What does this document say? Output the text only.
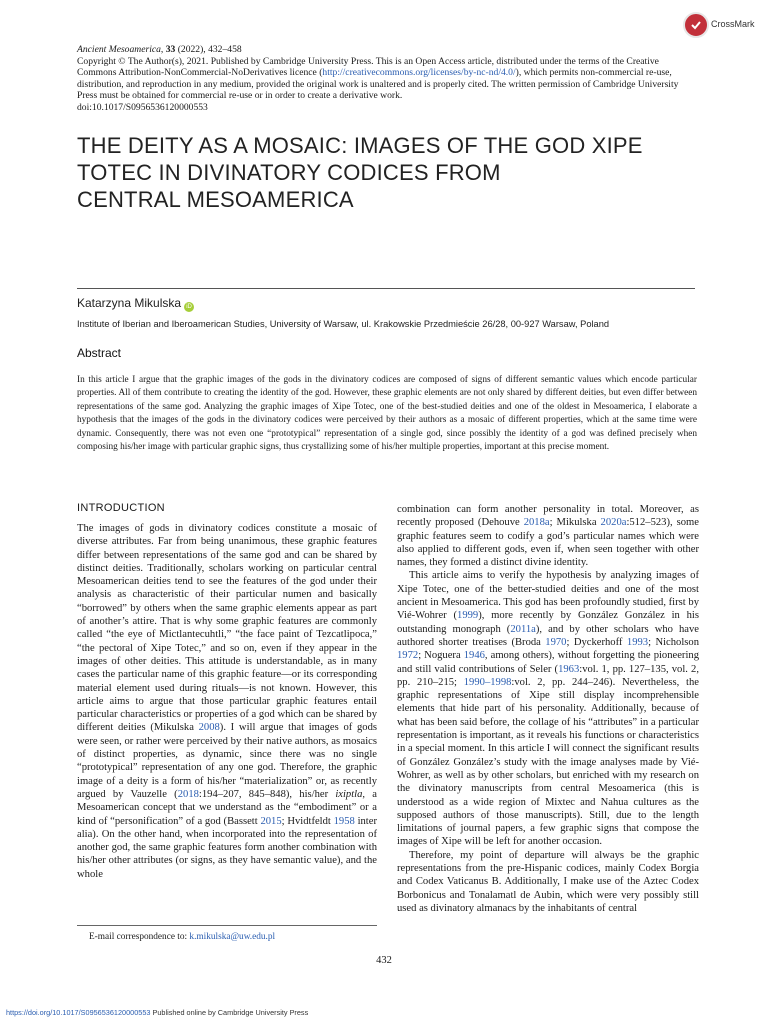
CrossMark
Ancient Mesoamerica, 33 (2022), 432–458
Copyright © The Author(s), 2021. Published by Cambridge University Press. This is an Open Access article, distributed under the terms of the Creative
Commons Attribution-NonCommercial-NoDerivatives licence (http://creativecommons.org/licenses/by-nc-nd/4.0/), which permits non-commercial re-use,
distribution, and reproduction in any medium, provided the original work is unaltered and is properly cited. The written permission of Cambridge University
Press must be obtained for commercial re-use or in order to create a derivative work.
doi:10.1017/S0956536120000553
THE DEITY AS A MOSAIC: IMAGES OF THE GOD XIPE
TOTEC IN DIVINATORY CODICES FROM
CENTRAL MESOAMERICA
Katarzyna Mikulska iD
Institute of Iberian and Iberoamerican Studies, University of Warsaw, ul. Krakowskie Przedmieście 26/28, 00-927 Warsaw, Poland
Abstract
In this article I argue that the graphic images of the gods in the divinatory codices are composed of signs of different semantic values which encode particular properties. All of them contribute to creating the identity of the god. However, these graphic elements are not only shared by different deities, but even differ between representations of the same god. Analyzing the graphic images of Xipe Totec, one of the best-studied deities and one of the oldest in Mesoamerica, I elaborate a hypothesis that the images of the gods in the divinatory codices were perceived by their authors as a mosaic of different properties, which at the same time were dynamic. Consequently, there was not even one “prototypical” representation of a single god, since possibly the identity of a god was defined precisely when composing his/her image with particular graphic signs, thus crystallizing some of his/her multiple properties, important at this precise moment.
INTRODUCTION

The images of gods in divinatory codices constitute a mosaic of diverse attributes. Far from being unanimous, these graphic features differ between representations of the same god and can be shared by distinct deities. Traditionally, scholars working on particular central Mesoamerican deities tend to see the features of the god under their analysis as characteristic of their particular numen and basically “borrowed” by others when the same graphic elements appear as part of another’s attire. That is why some graphic features are commonly called “the eye of Mictlantecuhtli,” “the face paint of Tezcatlipoca,” “the pectoral of Xipe Totec,” and so on, even if they appear in the images of other deities. This attitude is understandable, as in many cases the particular name of this graphic feature—or its corresponding material element used during rituals—is not known. However, this article aims to argue that those particular graphic features entail particular characteristics or properties of a god which can be shared by different deities (Mikulska 2008). I will argue that images of gods were seen, or rather were perceived by their native authors, as mosaics of distinct properties, as dynamic, since there was no single “prototypical” representation of any one god. Therefore, the graphic image of a deity is a form of his/her “materialization” or, as recently argued by Vauzelle (2018:194–207, 845–848), his/her ixiptla, a Mesoamerican concept that we understand as the “embodiment” or a kind of “personification” of a god (Bassett 2015; Hvidtfeldt 1958 inter alia). On the other hand, when incorporated into the representation of another god, the same graphic features form another combination with his/her other attributes (or signs, as they have semantic value), and the whole

combination can form another personality in total. Moreover, as recently proposed (Dehouve 2018a; Mikulska 2020a:512–523), some graphic features seem to codify a god’s particular names which were also applied to different gods, even if, when seen together with other names, they formed a distinct divine identity.

This article aims to verify the hypothesis by analyzing images of Xipe Totec, one of the better-studied deities and one of the most ancient in Mesoamerica. This god has been profoundly studied, first by Vié-Wohrer (1999), more recently by González González in his outstanding monograph (2011a), and by other scholars who have authored shorter treatises (Broda 1970; Dyckerhoff 1993; Nicholson 1972; Noguera 1946, among others), without forgetting the pioneering and still valid contributions of Seler (1963:vol. 1, pp. 127–135, vol. 2, pp. 210–215; 1990–1998:vol. 2, pp. 244–246). Nevertheless, the graphic representations of Xipe still display incomprehensible elements that hide part of his personality. Additionally, because of what has been said before, the collage of his “attributes” in a particular representation is important, as it reveals his functions or characteristics in a special moment. In this article I will connect the significant results of González González’s study with the image analyses made by Vié-Wohrer, as well as by other scholars, but enriched with my research on the divinatory manuscripts from central Mesoamerica (this is understood as a wide region of Mixtec and Nahua cultures as the supposed authors of those manuscripts). Still, due to the length limitations of journal papers, a few graphic signs that compose the images of Xipe will be left for another occasion.

Therefore, my point of departure will always be the graphic representations from the pre-Hispanic codices, mainly Codex Borgia and Codex Vaticanus B. Additionally, I make use of the Aztec Codex Borbonicus and Tonalamatl de Aubin, which were very possibly still used as divinatory almanacs by the inhabitants of central

E-mail correspondence to: k.mikulska@uw.edu.pl
432
https://doi.org/10.1017/S0956536120000553 Published online by Cambridge University Press
